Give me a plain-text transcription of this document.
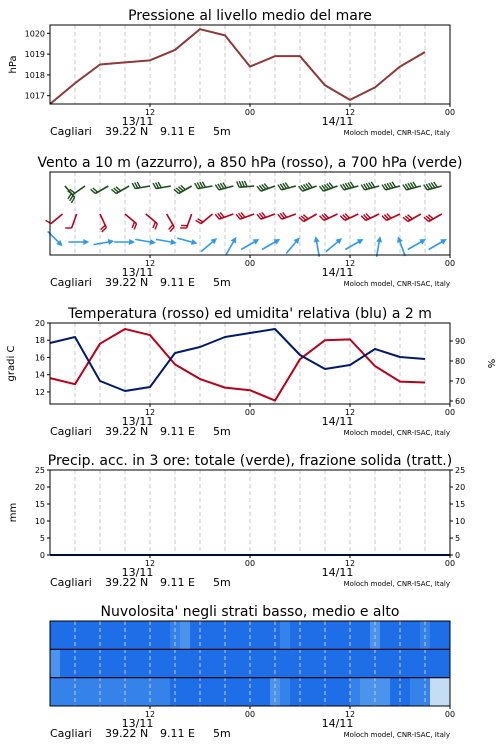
1017
1018
1019
1020
Pressione al livello medio del mare
hPa
12	00	12	00
13/11	14/11
Cagliari 39.22 N 9.11 E 5m	Moloch model, CNR-ISAC, Italy
Vento a 10 m (azzurro), a 850 hPa (rosso), a 700 hPa (verde)
12	00	12	00
13/11	14/11
Cagliari 39.22 N 9.11 E 5m	Moloch model, CNR-ISAC, Italy
12
14
16
18
20
60
70
80
90
Temperatura (rosso) ed umidita' relativa (blu) a 2 m
gradi C	%
12	00	12	00
13/11	14/11
Cagliari 39.22 N 9.11 E 5m	Moloch model, CNR-ISAC, Italy
0
5
10
15
20
25
0
5
10
15
20
25
Precip. acc. in 3 ore: totale (verde), frazione solida (tratt.)
mm
12	00	12	00
13/11	14/11
Cagliari 39.22 N 9.11 E 5m	Moloch model, CNR-ISAC, Italy
Nuvolosita' negli strati basso, medio e alto
12	00	12	00
13/11	14/11
Cagliari 39.22 N 9.11 E 5m	Moloch model, CNR-ISAC, Italy
